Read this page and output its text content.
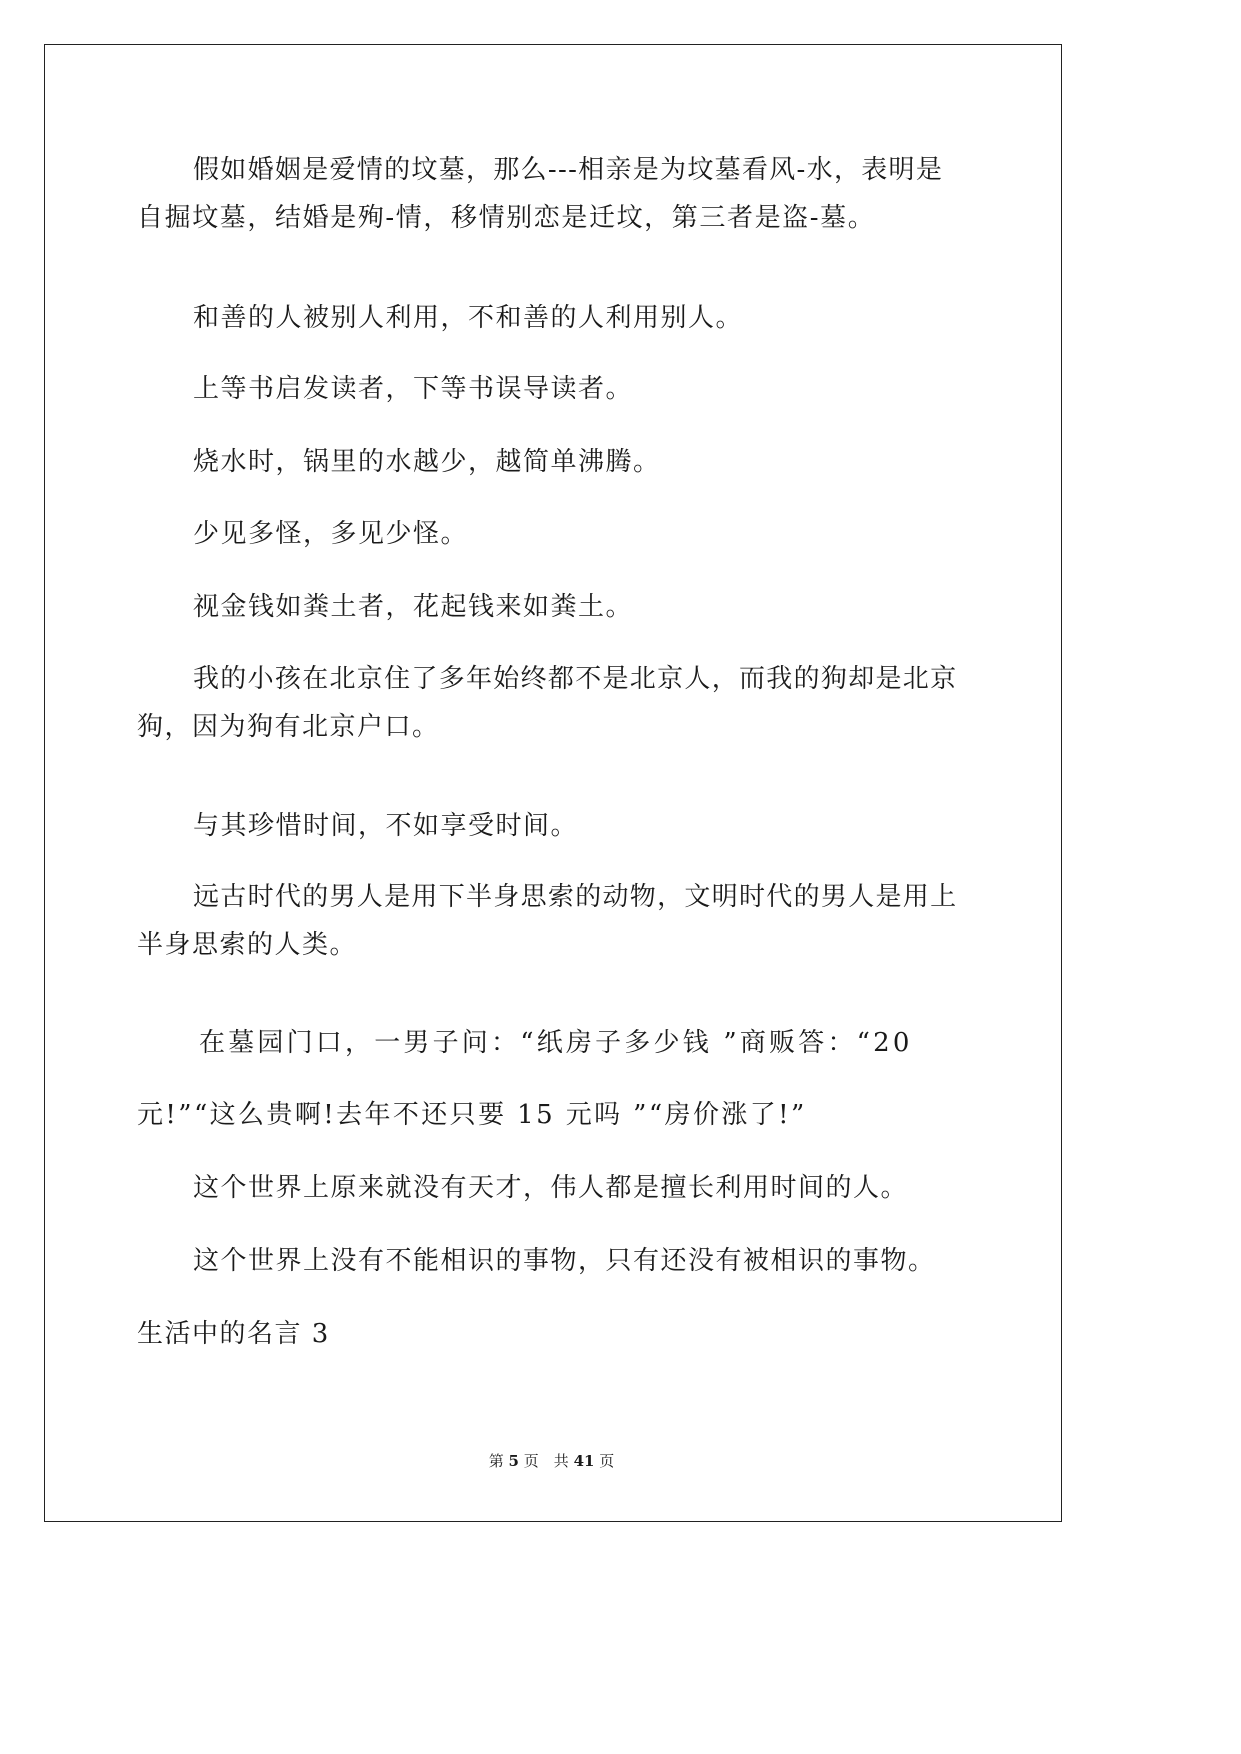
假如婚姻是爱情的坟墓，那么---相亲是为坟墓看风-水，表明是
自掘坟墓，结婚是殉-情，移情别恋是迁坟，第三者是盗-墓。
和善的人被别人利用，不和善的人利用别人。
上等书启发读者，下等书误导读者。
烧水时，锅里的水越少，越简单沸腾。
少见多怪，多见少怪。
视金钱如粪土者，花起钱来如粪土。
我的小孩在北京住了多年始终都不是北京人，而我的狗却是北京
狗，因为狗有北京户口。
与其珍惜时间，不如享受时间。
远古时代的男人是用下半身思索的动物，文明时代的男人是用上
半身思索的人类。
在墓园门口，一男子问：“纸房子多少钱 ”商贩答：“20
元!”“这么贵啊!去年不还只要 15 元吗 ”“房价涨了!”
这个世界上原来就没有天才，伟人都是擅长利用时间的人。
这个世界上没有不能相识的事物，只有还没有被相识的事物。
生活中的名言 3
第 5 页　共 41 页
